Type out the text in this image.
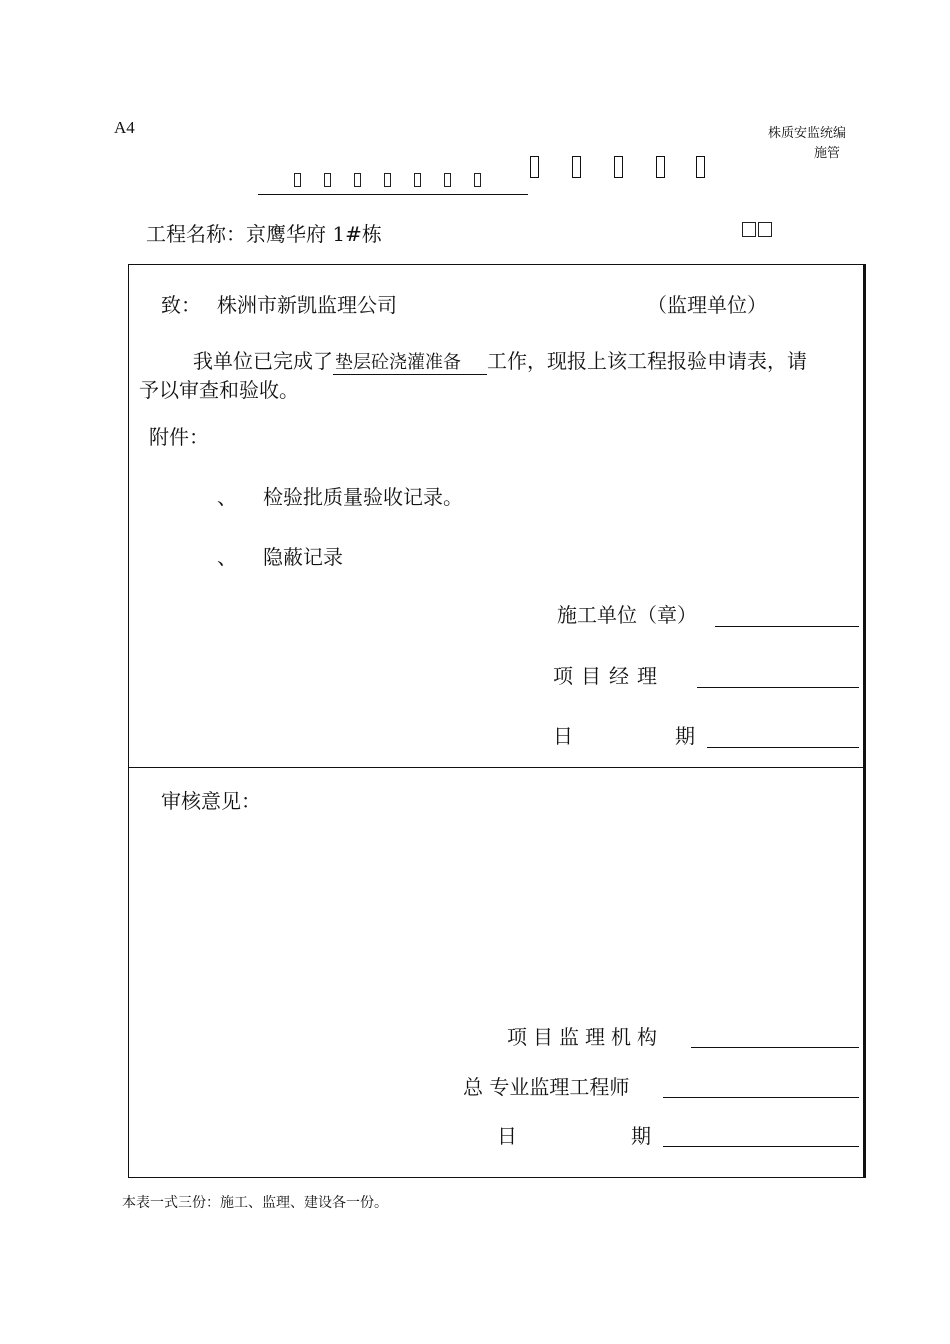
A4	株质安监统编
施管
工程名称：京鹰华府 1#栋
致： 株洲市新凯监理公司	（监理单位）
我单位已完成了 垫层砼浇灌准备 工作，现报上该工程报验申请表，请
予以审查和验收。
附件：
、 检验批质量验收记录。
、 隐蔽记录
施工单位（章）
项目经理
日	期
审核意见：
项目监理机构
总 专业监理工程师
日	期
本表一式三份：施工、监理、建设各一份。
